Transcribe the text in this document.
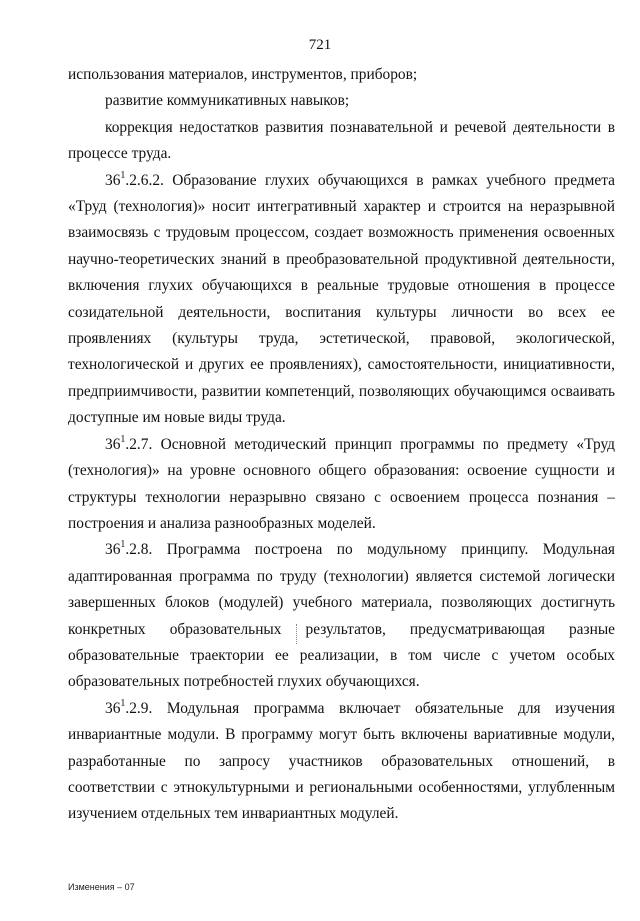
721

использования материалов, инструментов, приборов;

развитие коммуникативных навыков;

коррекция недостатков развития познавательной и речевой деятельности в процессе труда.

$36^1.2.6.2$. Образование глухих обучающихся в рамках учебного предмета «Труд (технология)» носит интегративный характер и строится на неразрывной взаимосвязь с трудовым процессом, создает возможность применения освоенных научно-теоретических знаний в преобразовательной продуктивной деятельности, включения глухих обучающихся в реальные трудовые отношения в процессе созидательной деятельности, воспитания культуры личности во всех ее проявлениях (культуры труда, эстетической, правовой, экологической, технологической и других ее проявлениях), самостоятельности, инициативности, предприимчивости, развитии компетенций, позволяющих обучающимся осваивать доступные им новые виды труда.

$36^1.2.7$. Основной методический принцип программы по предмету «Труд (технология)» на уровне основного общего образования: освоение сущности и структуры технологии неразрывно связано с освоением процесса познания – построения и анализа разнообразных моделей.

$36^1.2.8$. Программа построена по модульному принципу. Модульная адаптированная программа по труду (технологии) является системой логически завершенных блоков (модулей) учебного материала, позволяющих достигнуть конкретных образовательных результатов, предусматривающая разные образовательные траектории ее реализации, в том числе с учетом особых образовательных потребностей глухих обучающихся.

$36^1.2.9$. Модульная программа включает обязательные для изучения инвариантные модули. В программу могут быть включены вариативные модули, разработанные по запросу участников образовательных отношений, в соответствии с этнокультурными и региональными особенностями, углубленным изучением отдельных тем инвариантных модулей.

Изменения – 07
